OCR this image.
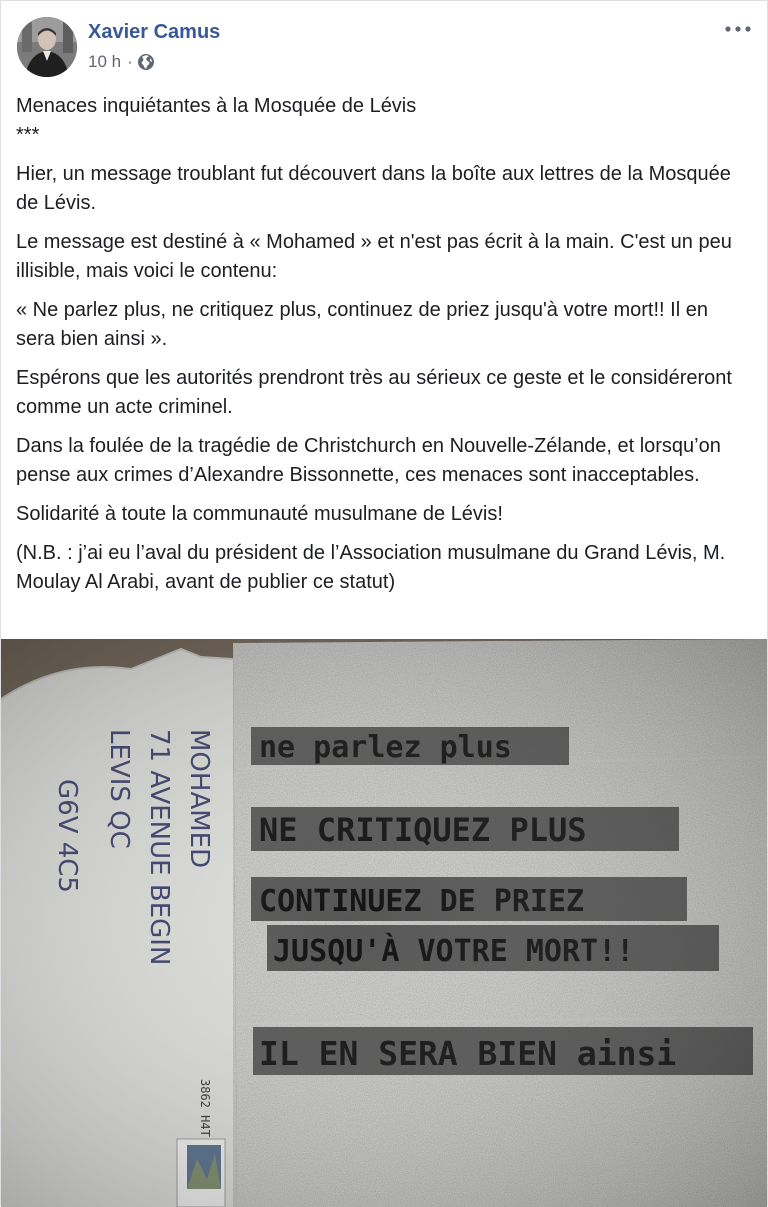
Xavier Camus
10 h ·

Menaces inquiétantes à la Mosquée de Lévis

***

Hier, un message troublant fut découvert dans la boîte aux lettres de la Mosquée de Lévis.

Le message est destiné à « Mohamed » et n'est pas écrit à la main. C'est un peu illisible, mais voici le contenu:

« Ne parlez plus, ne critiquez plus, continuez de priez jusqu'à votre mort!! Il en sera bien ainsi ».

Espérons que les autorités prendront très au sérieux ce geste et le considéreront comme un acte criminel.

Dans la foulée de la tragédie de Christchurch en Nouvelle-Zélande, et lorsqu’on pense aux crimes d’Alexandre Bissonnette, ces menaces sont inacceptables.

Solidarité à toute la communauté musulmane de Lévis!

(N.B. : j’ai eu l’aval du président de l’Association musulmane du Grand Lévis, M. Moulay Al Arabi, avant de publier ce statut)
